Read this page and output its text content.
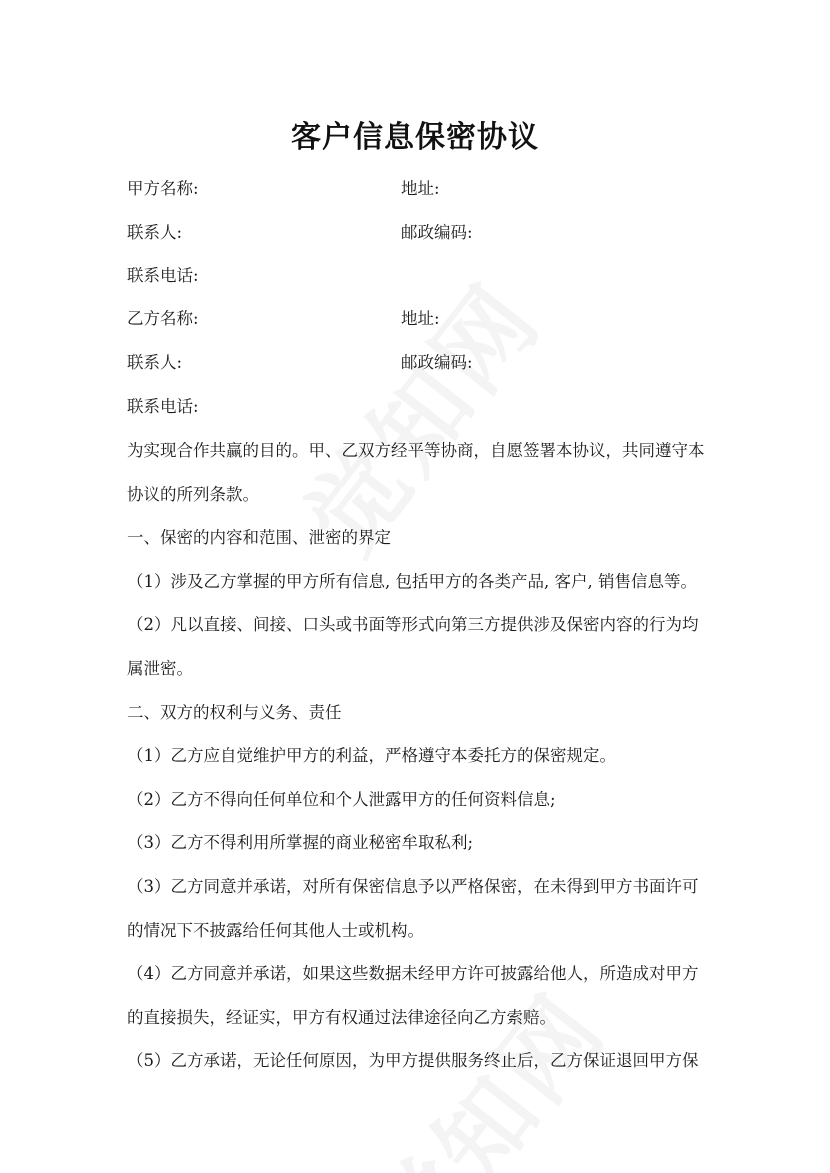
客户信息保密协议
甲方名称:	地址:
联系人:	邮政编码:
联系电话:
乙方名称:	地址:
联系人:	邮政编码:
联系电话:
为实现合作共赢的目的。甲、乙双方经平等协商，自愿签署本协议，共同遵守本
协议的所列条款。
一、保密的内容和范围、泄密的界定
（1）涉及乙方掌握的甲方所有信息, 包括甲方的各类产品, 客户, 销售信息等。
（2）凡以直接、间接、口头或书面等形式向第三方提供涉及保密内容的行为均
属泄密。
二、双方的权利与义务、责任
（1）乙方应自觉维护甲方的利益，严格遵守本委托方的保密规定。
（2）乙方不得向任何单位和个人泄露甲方的任何资料信息;
（3）乙方不得利用所掌握的商业秘密牟取私利;
（3）乙方同意并承诺，对所有保密信息予以严格保密，在未得到甲方书面许可
的情况下不披露给任何其他人士或机构。
（4）乙方同意并承诺，如果这些数据未经甲方许可披露给他人，所造成对甲方
的直接损失，经证实，甲方有权通过法律途径向乙方索赔。
（5）乙方承诺，无论任何原因，为甲方提供服务终止后，乙方保证退回甲方保
